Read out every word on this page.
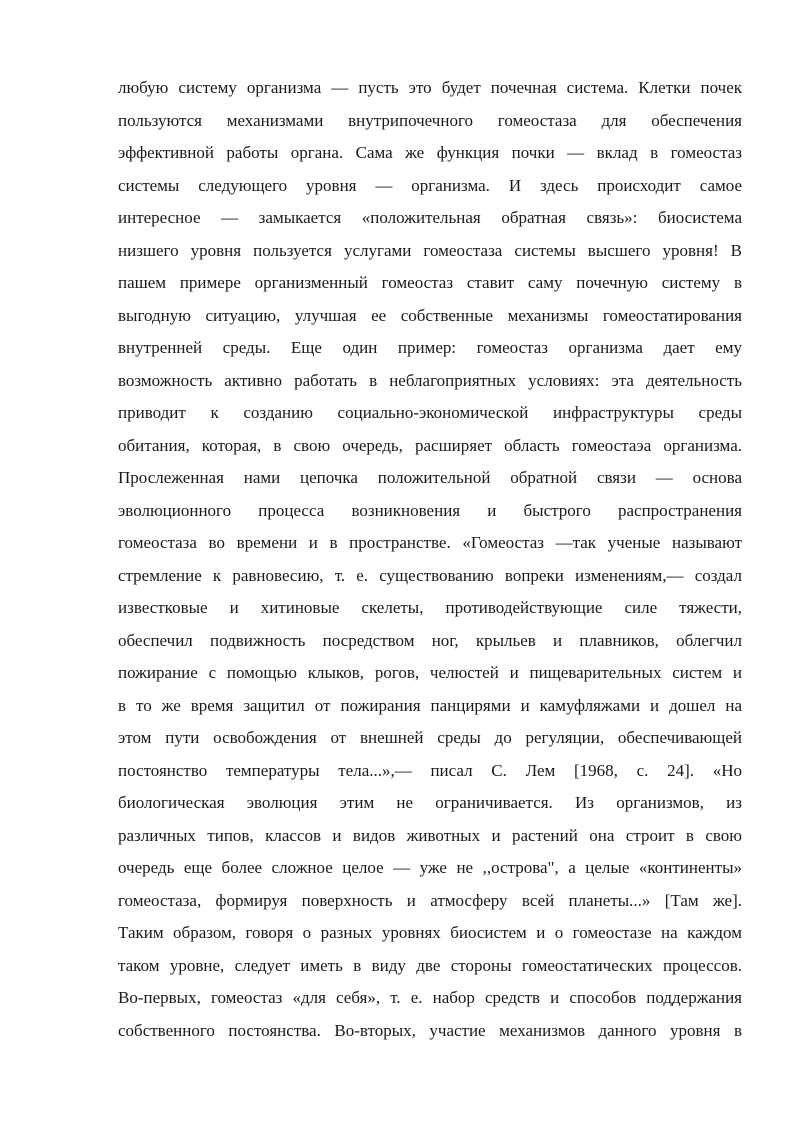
любую систему организма — пусть это будет почечная система. Клетки почек
пользуются механизмами внутрипочечного гомеостаза для обеспечения
эффективной работы органа. Сама же функция почки — вклад в гомеостаз
системы следующего уровня — организма. И здесь происходит самое
интересное — замыкается «положительная обратная связь»: биосистема
низшего уровня пользуется услугами гомеостаза системы высшего уровня! В
пашем примере организменный гомеостаз ставит саму почечную систему в
выгодную ситуацию, улучшая ее собственные механизмы гомеостатирования
внутренней среды. Еще один пример: гомеостаз организма дает ему
возможность активно работать в неблагоприятных условиях: эта деятельность
приводит к созданию социально-экономической инфраструктуры среды
обитания, которая, в свою очередь, расширяет область гомеостаэа организма.
Прослеженная нами цепочка положительной обратной связи — основа
эволюционного процесса возникновения и быстрого распространения
гомеостаза во времени и в пространстве. «Гомеостаз —так ученые называют
стремление к равновесию, т. е. существованию вопреки изменениям,— создал
известковые и хитиновые скелеты, противодействующие силе тяжести,
обеспечил подвижность посредством ног, крыльев и плавников, облегчил
пожирание с помощью клыков, рогов, челюстей и пищеварительных систем и
в то же время защитил от пожирания панцирями и камуфляжами и дошел на
этом пути освобождения от внешней среды до регуляции, обеспечивающей
постоянство температуры тела...»,— писал С. Лем [1968, с. 24]. «Но
биологическая эволюция этим не ограничивается. Из организмов, из
различных типов, классов и видов животных и растений она строит в свою
очередь еще более сложное целое — уже не ,,острова", а целые «континенты»
гомеостаза, формируя поверхность и атмосферу всей планеты...» [Там же].
Таким образом, говоря о разных уровнях биосистем и о гомеостазе на каждом
таком уровне, следует иметь в виду две стороны гомеостатических процессов.
Во-первых, гомеостаз «для себя», т. е. набор средств и способов поддержания
собственного постоянства. Во-вторых, участие механизмов данного уровня в
